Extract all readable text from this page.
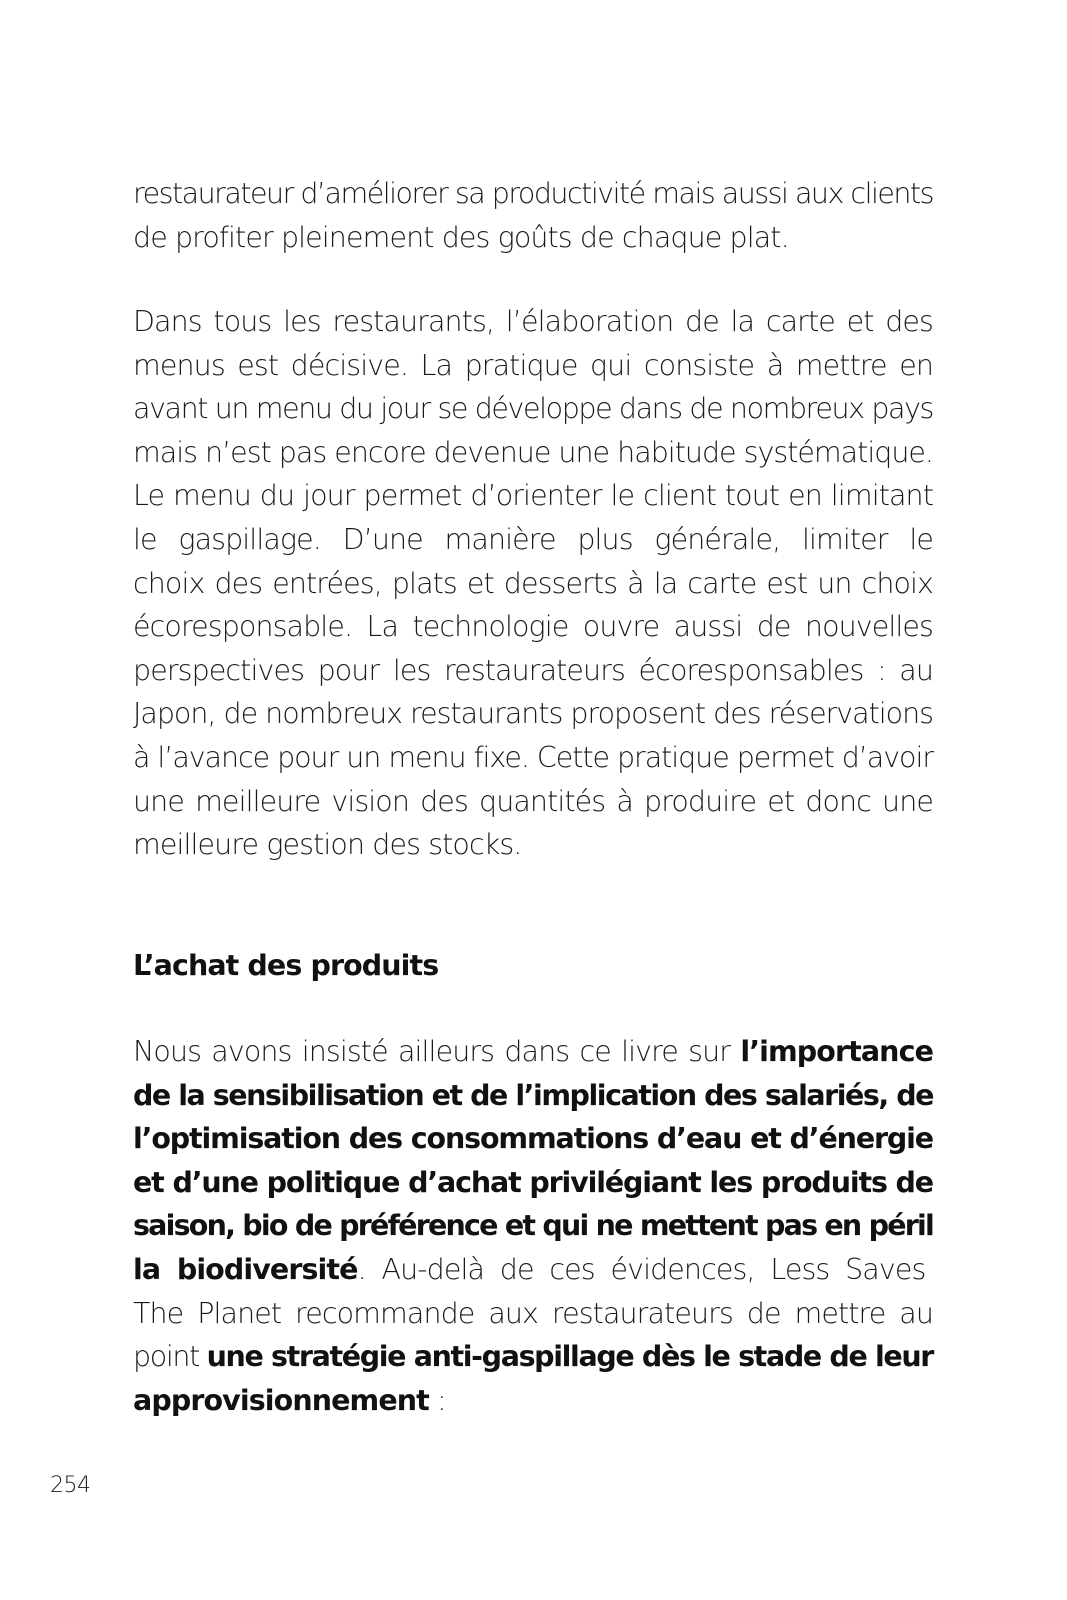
restaurateur d’améliorer sa productivité mais aussi aux clients
de profiter pleinement des goûts de chaque plat.

Dans tous les restaurants, l’élaboration de la carte et des
menus est décisive. La pratique qui consiste à mettre en
avant un menu du jour se développe dans de nombreux pays
mais n’est pas encore devenue une habitude systématique.
Le menu du jour permet d’orienter le client tout en limitant
le gaspillage. D’une manière plus générale, limiter le
choix des entrées, plats et desserts à la carte est un choix
écoresponsable. La technologie ouvre aussi de nouvelles
perspectives pour les restaurateurs écoresponsables : au
Japon, de nombreux restaurants proposent des réservations
à l’avance pour un menu fixe. Cette pratique permet d’avoir
une meilleure vision des quantités à produire et donc une
meilleure gestion des stocks.

L’achat des produits

Nous avons insisté ailleurs dans ce livre sur l’importance
de la sensibilisation et de l’implication des salariés, de
l’optimisation des consommations d’eau et d’énergie
et d’une politique d’achat privilégiant les produits de
saison, bio de préférence et qui ne mettent pas en péril
la biodiversité. Au-delà de ces évidences, Less Saves
The Planet recommande aux restaurateurs de mettre au
point une stratégie anti-gaspillage dès le stade de leur
approvisionnement :

254
